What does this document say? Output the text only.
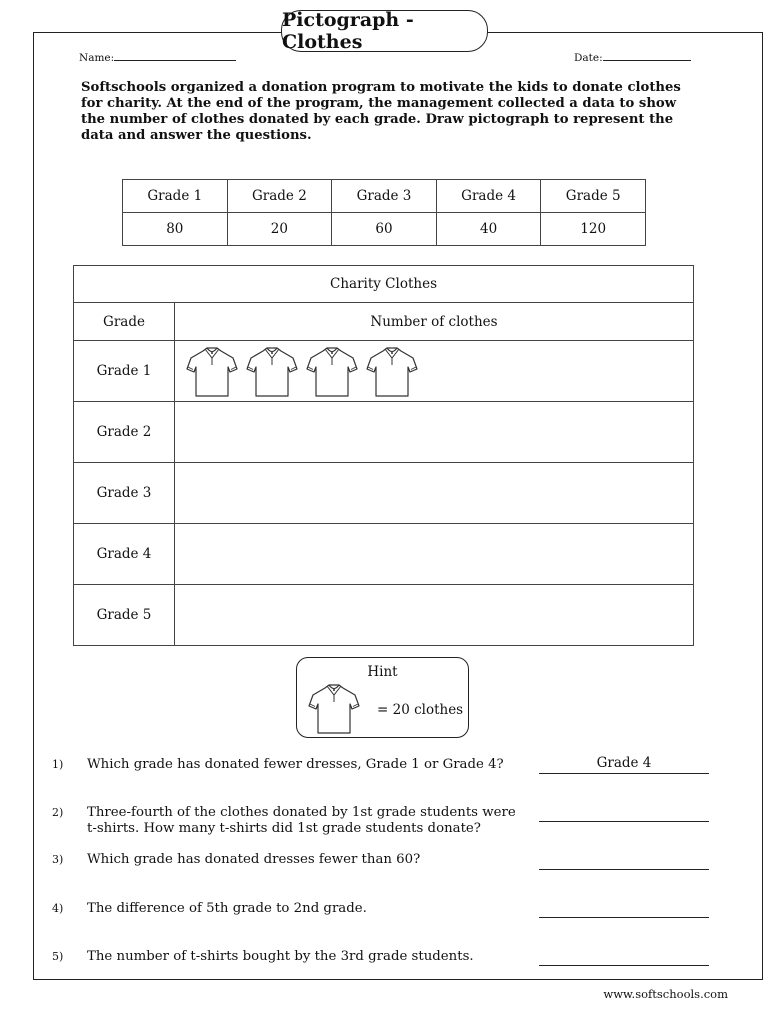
Pictograph - Clothes
Name:	Date:
Softschools organized a donation program to motivate the kids to donate clothes for charity. At the end of the program, the management collected a data to show the number of clothes donated by each grade. Draw pictograph to represent the data and answer the questions.
Grade 1	Grade 2	Grade 3	Grade 4	Grade 5
80	20	60	40	120
Charity Clothes	
Grade	Number of clothes
Grade 1	
Grade 2	
Grade 3	
Grade 4	
Grade 5	
Hint
= 20 clothes
1) Which grade has donated fewer dresses, Grade 1 or Grade 4?	Grade 4
2) Three-fourth of the clothes donated by 1st grade students were t-shirts. How many t-shirts did 1st grade students donate?
3) Which grade has donated dresses fewer than 60?
4) The difference of 5th grade to 2nd grade.
5) The number of t-shirts bought by the 3rd grade students.
www.softschools.com
